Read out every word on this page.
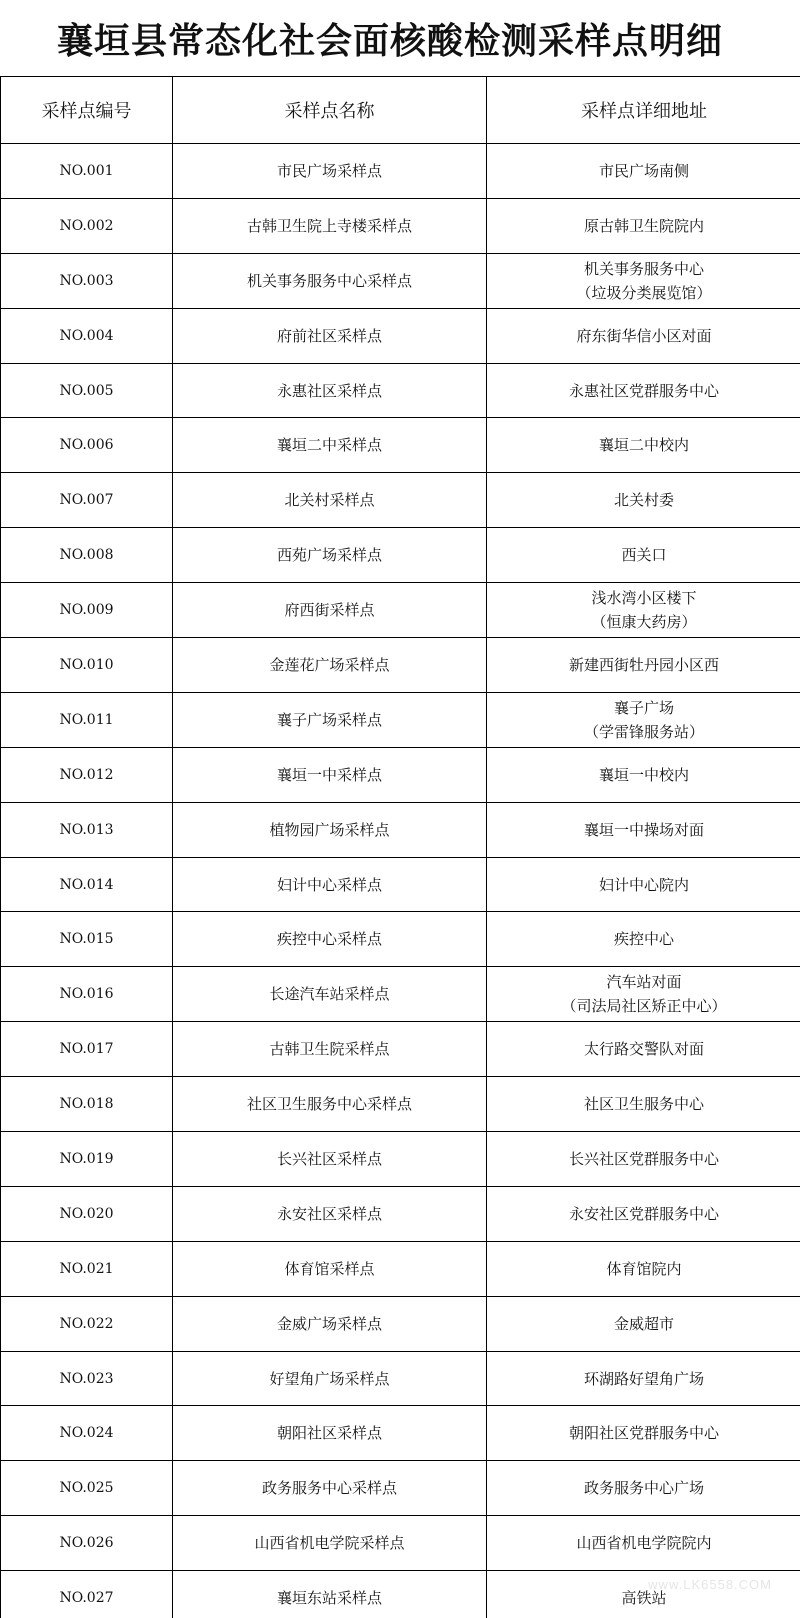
襄垣县常态化社会面核酸检测采样点明细
采样点编号	采样点名称	采样点详细地址
NO.001	市民广场采样点	市民广场南侧

NO.002	古韩卫生院上寺楼采样点	原古韩卫生院院内

NO.003	机关事务服务中心采样点	机关事务服务中心
（垃圾分类展览馆）

NO.004	府前社区采样点	府东街华信小区对面

NO.005	永惠社区采样点	永惠社区党群服务中心

NO.006	襄垣二中采样点	襄垣二中校内

NO.007	北关村采样点	北关村委

NO.008	西苑广场采样点	西关口

NO.009	府西街采样点	浅水湾小区楼下
（恒康大药房）

NO.010	金莲花广场采样点	新建西街牡丹园小区西

NO.011	襄子广场采样点	襄子广场
（学雷锋服务站）

NO.012	襄垣一中采样点	襄垣一中校内

NO.013	植物园广场采样点	襄垣一中操场对面

NO.014	妇计中心采样点	妇计中心院内

NO.015	疾控中心采样点	疾控中心

NO.016	长途汽车站采样点	汽车站对面
（司法局社区矫正中心）

NO.017	古韩卫生院采样点	太行路交警队对面

NO.018	社区卫生服务中心采样点	社区卫生服务中心

NO.019	长兴社区采样点	长兴社区党群服务中心

NO.020	永安社区采样点	永安社区党群服务中心

NO.021	体育馆采样点	体育馆院内

NO.022	金威广场采样点	金威超市

NO.023	好望角广场采样点	环湖路好望角广场

NO.024	朝阳社区采样点	朝阳社区党群服务中心

NO.025	政务服务中心采样点	政务服务中心广场

NO.026	山西省机电学院采样点	山西省机电学院院内

NO.027	襄垣东站采样点	高铁站
www.LK6558.COM
